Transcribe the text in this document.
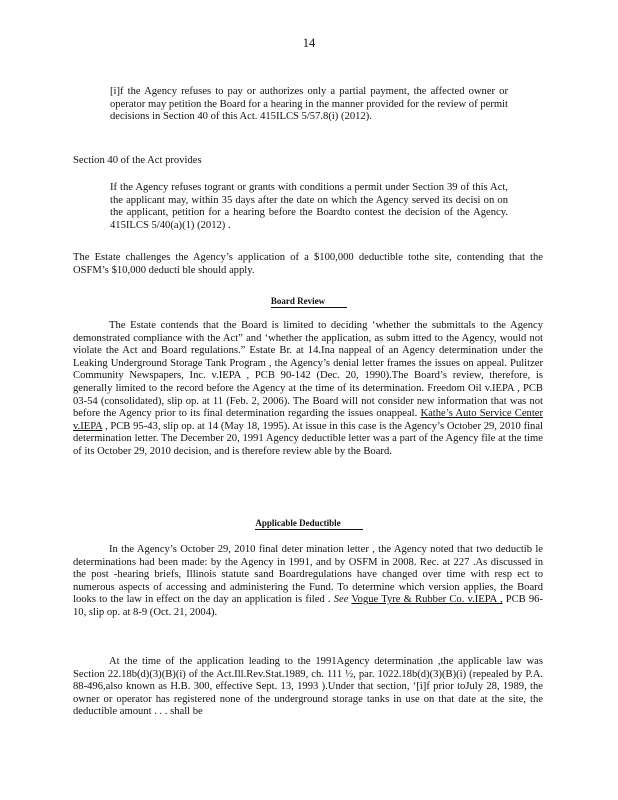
14
[i]f the Agency refuses to pay or authorizes only a partial payment, the affected owner or operator may petition the Board for a hearing in the manner provided for the review of permit decisions in Section 40 of this Act. 415ILCS 5/57.8(i) (2012).
Section 40 of the Act provides
If the Agency refuses togrant or grants with conditions a permit under Section 39 of this Act, the applicant may, within 35 days after the date on which the Agency served its decisi on on the applicant, petition for a hearing before the Boardto contest the decision of the Agency. 415ILCS 5/40(a)(1) (2012) .
The Estate challenges the Agency’s application of a $100,000 deductible tothe site, contending that the OSFM’s $10,000 deducti ble should apply.
Board Review
The Estate contends that the Board is limited to deciding ‘whether the submittals to the Agency demonstrated compliance with the Act” and ‘whether the application, as subm itted to the Agency, would not violate the Act and Board regulations.” Estate Br. at 14.Ina nappeal of an Agency determination under the Leaking Underground Storage Tank Program , the Agency’s denial letter frames the issues on appeal. Pulitzer Community Newspapers, Inc. v.IEPA , PCB 90-142 (Dec. 20, 1990).The Board’s review, therefore, is generally limited to the record before the Agency at the time of its determination. Freedom Oil v.IEPA , PCB 03-54 (consolidated), slip op. at 11 (Feb. 2, 2006). The Board will not consider new information that was not before the Agency prior to its final determination regarding the issues onappeal. Kathe’s Auto Service Center v.IEPA , PCB 95-43, slip op. at 14 (May 18, 1995). At issue in this case is the Agency’s October 29, 2010 final determination letter. The December 20, 1991 Agency deductible letter was a part of the Agency file at the time of its October 29, 2010 decision, and is therefore review able by the Board.
Applicable Deductible
In the Agency’s October 29, 2010 final deter mination letter , the Agency noted that two deductib le determinations had been made: by the Agency in 1991, and by OSFM in 2008. Rec. at 227 .As discussed in the post -hearing briefs, Illinois statute sand Boardregulations have changed over time with resp ect to numerous aspects of accessing and administering the Fund. To determine which version applies, the Board looks to the law in effect on the day an application is filed . See Vogue Tyre & Rubber Co. v.IEPA , PCB 96-10, slip op. at 8-9 (Oct. 21, 2004).
At the time of the application leading to the 1991Agency determination ,the applicable law was Section 22.18b(d)(3)(B)(i) of the Act.Ill.Rev.Stat.1989, ch. 111 ½, par. 1022.18b(d)(3)(B)(i) (repealed by P.A. 88-496,also known as H.B. 300, effective Sept. 13, 1993 ).Under that section, ‘[i]f prior toJuly 28, 1989, the owner or operator has registered none of the underground storage tanks in use on that date at the site, the deductible amount . . . shall be
